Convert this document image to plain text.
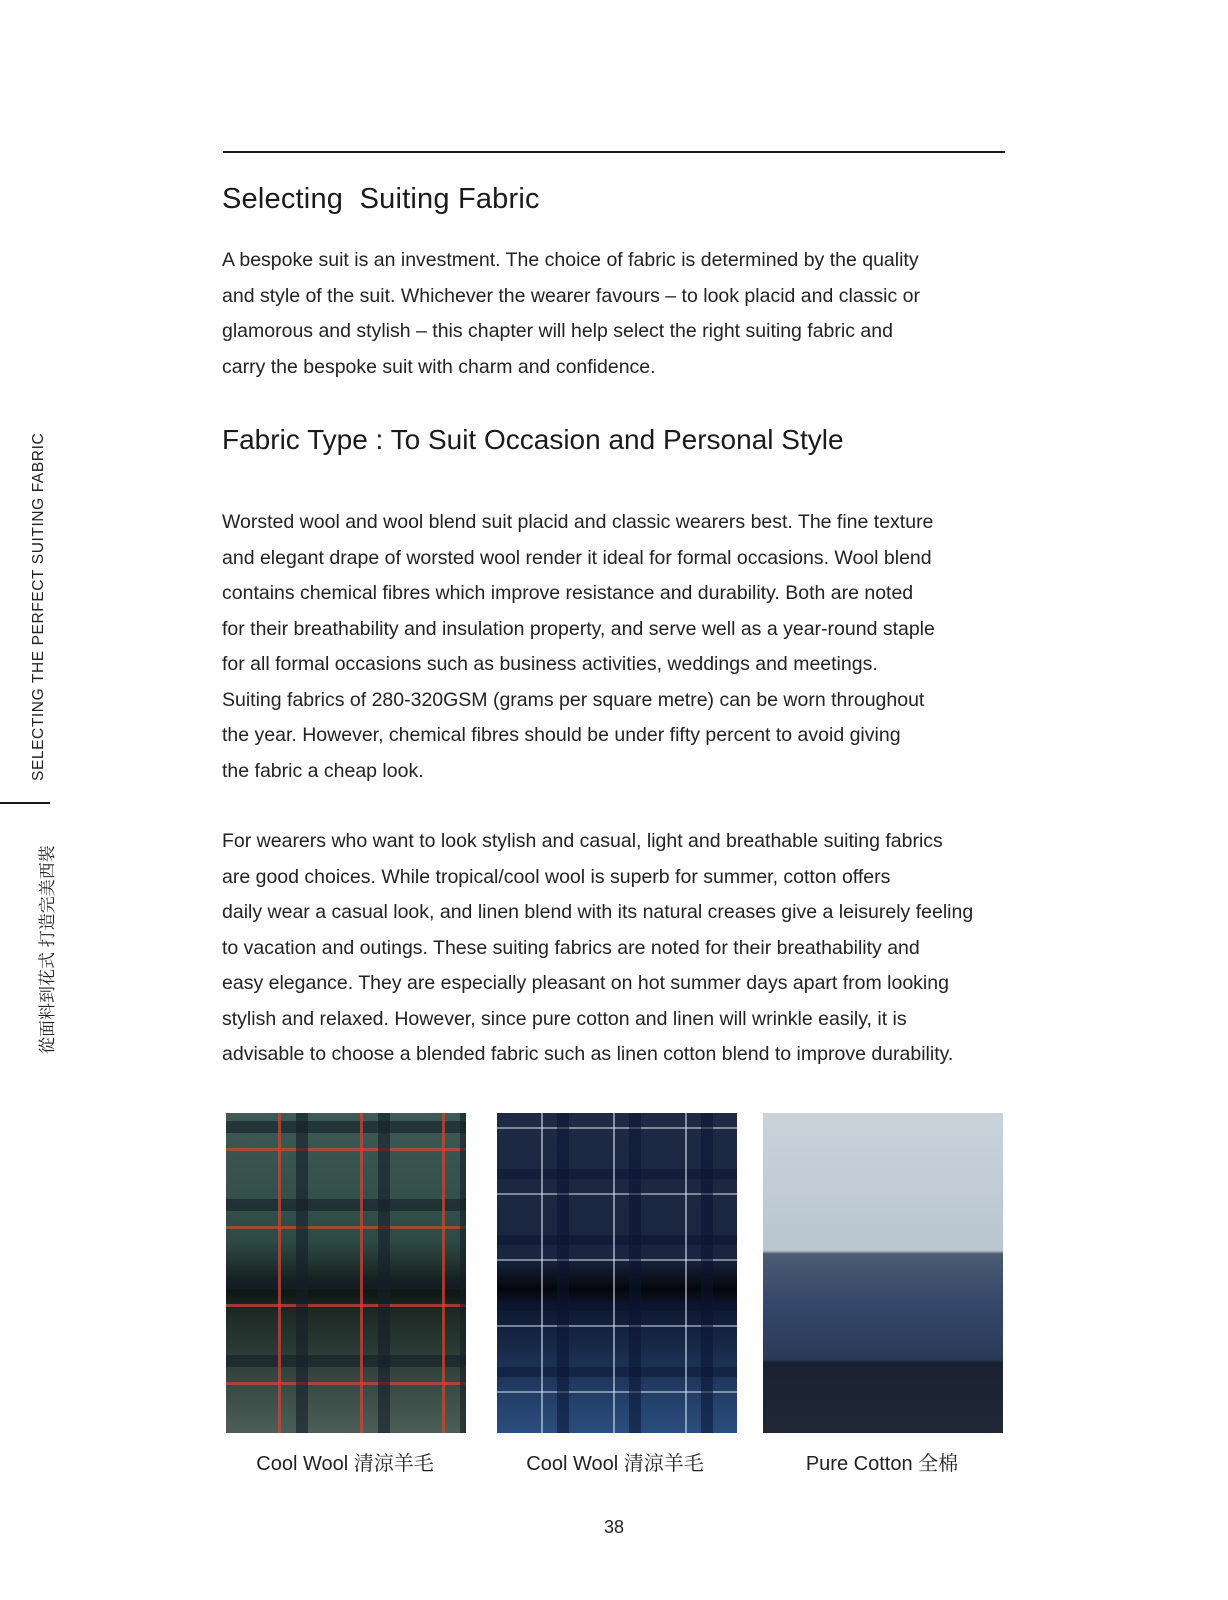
SELECTING THE PERFECT SUITING FABRIC
從面料到花式 打造完美西裝
Selecting  Suiting Fabric
A bespoke suit is an investment. The choice of fabric is determined by the quality
and style of the suit. Whichever the wearer favours – to look placid and classic or
glamorous and stylish – this chapter will help select the right suiting fabric and
carry the bespoke suit with charm and confidence.
Fabric Type : To Suit Occasion and Personal Style
Worsted wool and wool blend suit placid and classic wearers best. The fine texture
and elegant drape of worsted wool render it ideal for formal occasions. Wool blend
contains chemical fibres which improve resistance and durability. Both are noted
for their breathability and insulation property, and serve well as a year-round staple
for all formal occasions such as business activities, weddings and meetings.
Suiting fabrics of 280-320GSM (grams per square metre) can be worn throughout
the year. However, chemical fibres should be under fifty percent to avoid giving
the fabric a cheap look.
For wearers who want to look stylish and casual, light and breathable suiting fabrics
are good choices. While tropical/cool wool is superb for summer, cotton offers
daily wear a casual look, and linen blend with its natural creases give a leisurely feeling
to vacation and outings. These suiting fabrics are noted for their breathability and
easy elegance. They are especially pleasant on hot summer days apart from looking
stylish and relaxed. However, since pure cotton and linen will wrinkle easily, it is
advisable to choose a blended fabric such as linen cotton blend to improve durability.
Cool Wool 清涼羊毛	Cool Wool 清涼羊毛	Pure Cotton 全棉
38
